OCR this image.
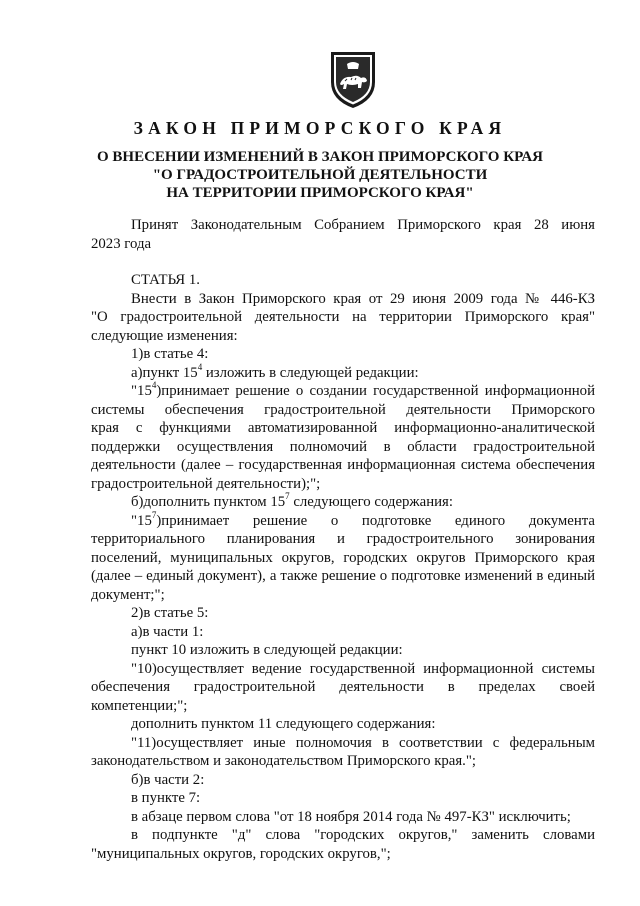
ЗАКОН ПРИМОРСКОГО КРАЯ
О ВНЕСЕНИИ ИЗМЕНЕНИЙ В ЗАКОН ПРИМОРСКОГО КРАЯ
"О ГРАДОСТРОИТЕЛЬНОЙ ДЕЯТЕЛЬНОСТИ
НА ТЕРРИТОРИИ ПРИМОРСКОГО КРАЯ"

Принят Законодательным Собранием Приморского края 28 июня

2023 года

СТАТЬЯ 1.

Внести в Закон Приморского края от 29 июня 2009 года № 446-КЗ

"О градостроительной деятельности на территории Приморского края"

следующие изменения:

1)в статье 4:

а)пункт $15^4$ изложить в следующей редакции:

"$15^4)принимает$ решение о создании государственной информационной

системы обеспечения градостроительной деятельности Приморского

края с функциями автоматизированной информационно-аналитической

поддержки осуществления полномочий в области градостроительной

деятельности (далее – государственная информационная система обеспечения

градостроительной деятельности);";

б)дополнить пунктом $15^7$ следующего содержания:

"$15^7)принимает$ решение о подготовке единого документа

территориального планирования и градостроительного зонирования

поселений, муниципальных округов, городских округов Приморского края

(далее – единый документ), а также решение о подготовке изменений в единый

документ;";

2)в статье 5:

а)в части 1:

пункт 10 изложить в следующей редакции:

"10)осуществляет ведение государственной информационной системы

обеспечения градостроительной деятельности в пределах своей

компетенции;";

дополнить пунктом 11 следующего содержания:

"11)осуществляет иные полномочия в соответствии с федеральным

законодательством и законодательством Приморского края.";

б)в части 2:

в пункте 7:

в абзаце первом слова "от 18 ноября 2014 года № 497-КЗ" исключить;

в подпункте "д" слова "городских округов," заменить словами

"муниципальных округов, городских округов,";
